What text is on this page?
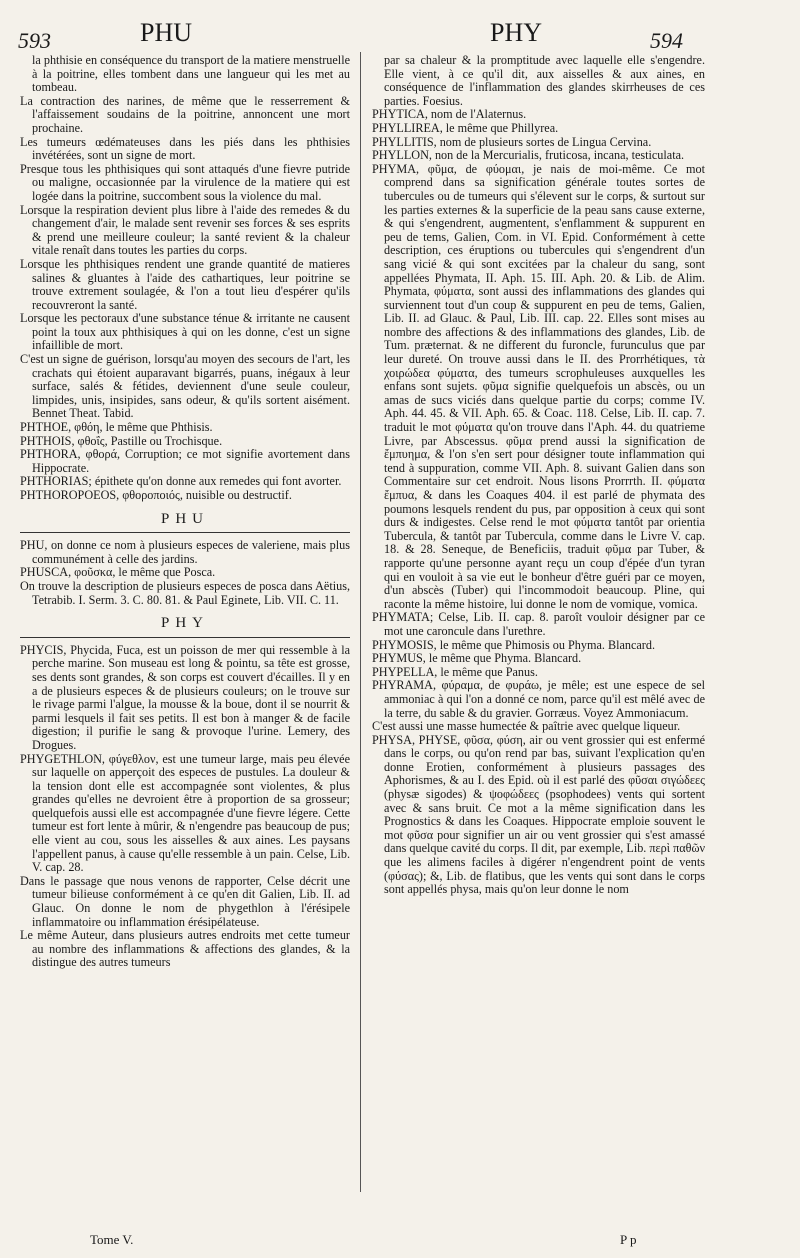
593	PHU	PHY	594

la phthisie en conséquence du transport de la matiere menstruelle à la poitrine, elles tombent dans une langueur qui les met au tombeau.

La contraction des narines, de même que le resserrement & l'affaissement soudains de la poitrine, annoncent une mort prochaine.

Les tumeurs œdémateuses dans les piés dans les phthisies invétérées, sont un signe de mort.

Presque tous les phthisiques qui sont attaqués d'une fievre putride ou maligne, occasionnée par la virulence de la matiere qui est logée dans la poitrine, succombent sous la violence du mal.

Lorsque la respiration devient plus libre à l'aide des remedes & du changement d'air, le malade sent revenir ses forces & ses esprits & prend une meilleure couleur; la santé revient & la chaleur vitale renaît dans toutes les parties du corps.

Lorsque les phthisiques rendent une grande quantité de matieres salines & gluantes à l'aide des cathartiques, leur poitrine se trouve extrement soulagée, & l'on a tout lieu d'espérer qu'ils recouvreront la santé.

Lorsque les pectoraux d'une substance ténue & irritante ne causent point la toux aux phthisiques à qui on les donne, c'est un signe infaillible de mort.

C'est un signe de guérison, lorsqu'au moyen des secours de l'art, les crachats qui étoient auparavant bigarrés, puans, inégaux à leur surface, salés & fétides, deviennent d'une seule couleur, limpides, unis, insipides, sans odeur, & qu'ils sortent aisément. Bennet Theat. Tabid.

PHTHOE, φθόη, le même que Phthisis.

PHTHOIS, φθοΐς, Pastille ou Trochisque.

PHTHORA, φθορά, Corruption; ce mot signifie avortement dans Hippocrate.

PHTHORIAS; épithete qu'on donne aux remedes qui font avorter.

PHTHOROPOEOS, φθοροποιός, nuisible ou destructif.

PHU

PHU, on donne ce nom à plusieurs especes de valeriene, mais plus communément à celle des jardins.

PHUSCA, φοῦσκα, le même que Posca.

On trouve la description de plusieurs especes de posca dans Aëtius, Tetrabib. I. Serm. 3. C. 80. 81. & Paul Eginete, Lib. VII. C. 11.

PHY

PHYCIS, Phycida, Fuca, est un poisson de mer qui ressemble à la perche marine. Son museau est long & pointu, sa tête est grosse, ses dents sont grandes, & son corps est couvert d'écailles. Il y en a de plusieurs especes & de plusieurs couleurs; on le trouve sur le rivage parmi l'algue, la mousse & la boue, dont il se nourrit & parmi lesquels il fait ses petits. Il est bon à manger & de facile digestion; il purifie le sang & provoque l'urine. Lemery, des Drogues.

PHYGETHLON, φύγεθλον, est une tumeur large, mais peu élevée sur laquelle on apperçoit des especes de pustules. La douleur & la tension dont elle est accompagnée sont violentes, & plus grandes qu'elles ne devroient être à proportion de sa grosseur; quelquefois aussi elle est accompagnée d'une fievre légere. Cette tumeur est fort lente à mûrir, & n'engendre pas beaucoup de pus; elle vient au cou, sous les aisselles & aux aines. Les paysans l'appellent panus, à cause qu'elle ressemble à un pain. Celse, Lib. V. cap. 28.

Dans le passage que nous venons de rapporter, Celse décrit une tumeur bilieuse conformément à ce qu'en dit Galien, Lib. II. ad Glauc. On donne le nom de phygethlon à l'érésipele inflammatoire ou inflammation érésipélateuse.

Le même Auteur, dans plusieurs autres endroits met cette tumeur au nombre des inflammations & affections des glandes, & la distingue des autres tumeurs

par sa chaleur & la promptitude avec laquelle elle s'engendre. Elle vient, à ce qu'il dit, aux aisselles & aux aines, en conséquence de l'inflammation des glandes skirrheuses de ces parties. Foesius.

PHYTICA, nom de l'Alaternus.

PHYLLIREA, le même que Phillyrea.

PHYLLITIS, nom de plusieurs sortes de Lingua Cervina.

PHYLLON, non de la Mercurialis, fruticosa, incana, testiculata.

PHYMA, φῦμα, de φύομαι, je nais de moi-même. Ce mot comprend dans sa signification générale toutes sortes de tubercules ou de tumeurs qui s'élevent sur le corps, & surtout sur les parties externes & la superficie de la peau sans cause externe, & qui s'engendrent, augmentent, s'enflamment & suppurent en peu de tems, Galien, Com. in VI. Epid. Conformément à cette description, ces éruptions ou tubercules qui s'engendrent d'un sang vicié & qui sont excitées par la chaleur du sang, sont appellées Phymata, II. Aph. 15. III. Aph. 20. & Lib. de Alim. Phymata, φύματα, sont aussi des inflammations des glandes qui surviennent tout d'un coup & suppurent en peu de tems, Galien, Lib. II. ad Glauc. & Paul, Lib. III. cap. 22. Elles sont mises au nombre des affections & des inflammations des glandes, Lib. de Tum. præternat. & ne different du furoncle, furunculus que par leur dureté. On trouve aussi dans le II. des Prorrhétiques, τὰ χοιρώδεα φύματα, des tumeurs scrophuleuses auxquelles les enfans sont sujets. φῦμα signifie quelquefois un abscès, ou un amas de sucs viciés dans quelque partie du corps; comme IV. Aph. 44. 45. & VII. Aph. 65. & Coac. 118. Celse, Lib. II. cap. 7. traduit le mot φύματα qu'on trouve dans l'Aph. 44. du quatrieme Livre, par Abscessus. φῦμα prend aussi la signification de ἔμπυημα, & l'on s'en sert pour désigner toute inflammation qui tend à suppuration, comme VII. Aph. 8. suivant Galien dans son Commentaire sur cet endroit. Nous lisons Prorrrth. II. φύματα ἔμπυα, & dans les Coaques 404. il est parlé de phymata des poumons lesquels rendent du pus, par opposition à ceux qui sont durs & indigestes. Celse rend le mot φύματα tantôt par orientia Tubercula, & tantôt par Tubercula, comme dans le Livre V. cap. 18. & 28. Seneque, de Beneficiis, traduit φῦμα par Tuber, & rapporte qu'une personne ayant reçu un coup d'épée d'un tyran qui en vouloit à sa vie eut le bonheur d'être guéri par ce moyen, d'un abscès (Tuber) qui l'incommodoit beaucoup. Pline, qui raconte la même histoire, lui donne le nom de vomique, vomica.

PHYMATA; Celse, Lib. II. cap. 8. paroît vouloir désigner par ce mot une caroncule dans l'urethre.

PHYMOSIS, le même que Phimosis ou Phyma. Blancard.

PHYMUS, le même que Phyma. Blancard.

PHYPELLA, le même que Panus.

PHYRAMA, φύραμα, de φυράω, je mêle; est une espece de sel ammoniac à qui l'on a donné ce nom, parce qu'il est mêlé avec de la terre, du sable & du gravier. Gorræus. Voyez Ammoniacum.

C'est aussi une masse humectée & paîtrie avec quelque liqueur.

PHYSA, PHYSE, φῦσα, φύση, air ou vent grossier qui est enfermé dans le corps, ou qu'on rend par bas, suivant l'explication qu'en donne Erotien, conformément à plusieurs passages des Aphorismes, & au I. des Epid. où il est parlé des φῦσαι σιγώδεες (physæ sigodes) & ψοφώδεες (psophodees) vents qui sortent avec & sans bruit. Ce mot a la même signification dans les Prognostics & dans les Coaques. Hippocrate emploie souvent le mot φῦσα pour signifier un air ou vent grossier qui s'est amassé dans quelque cavité du corps. Il dit, par exemple, Lib. περὶ παθῶν que les alimens faciles à digérer n'engendrent point de vents (φύσας); &, Lib. de flatibus, que les vents qui sont dans le corps sont appellés physa, mais qu'on leur donne le nom

Tome V.	P p
